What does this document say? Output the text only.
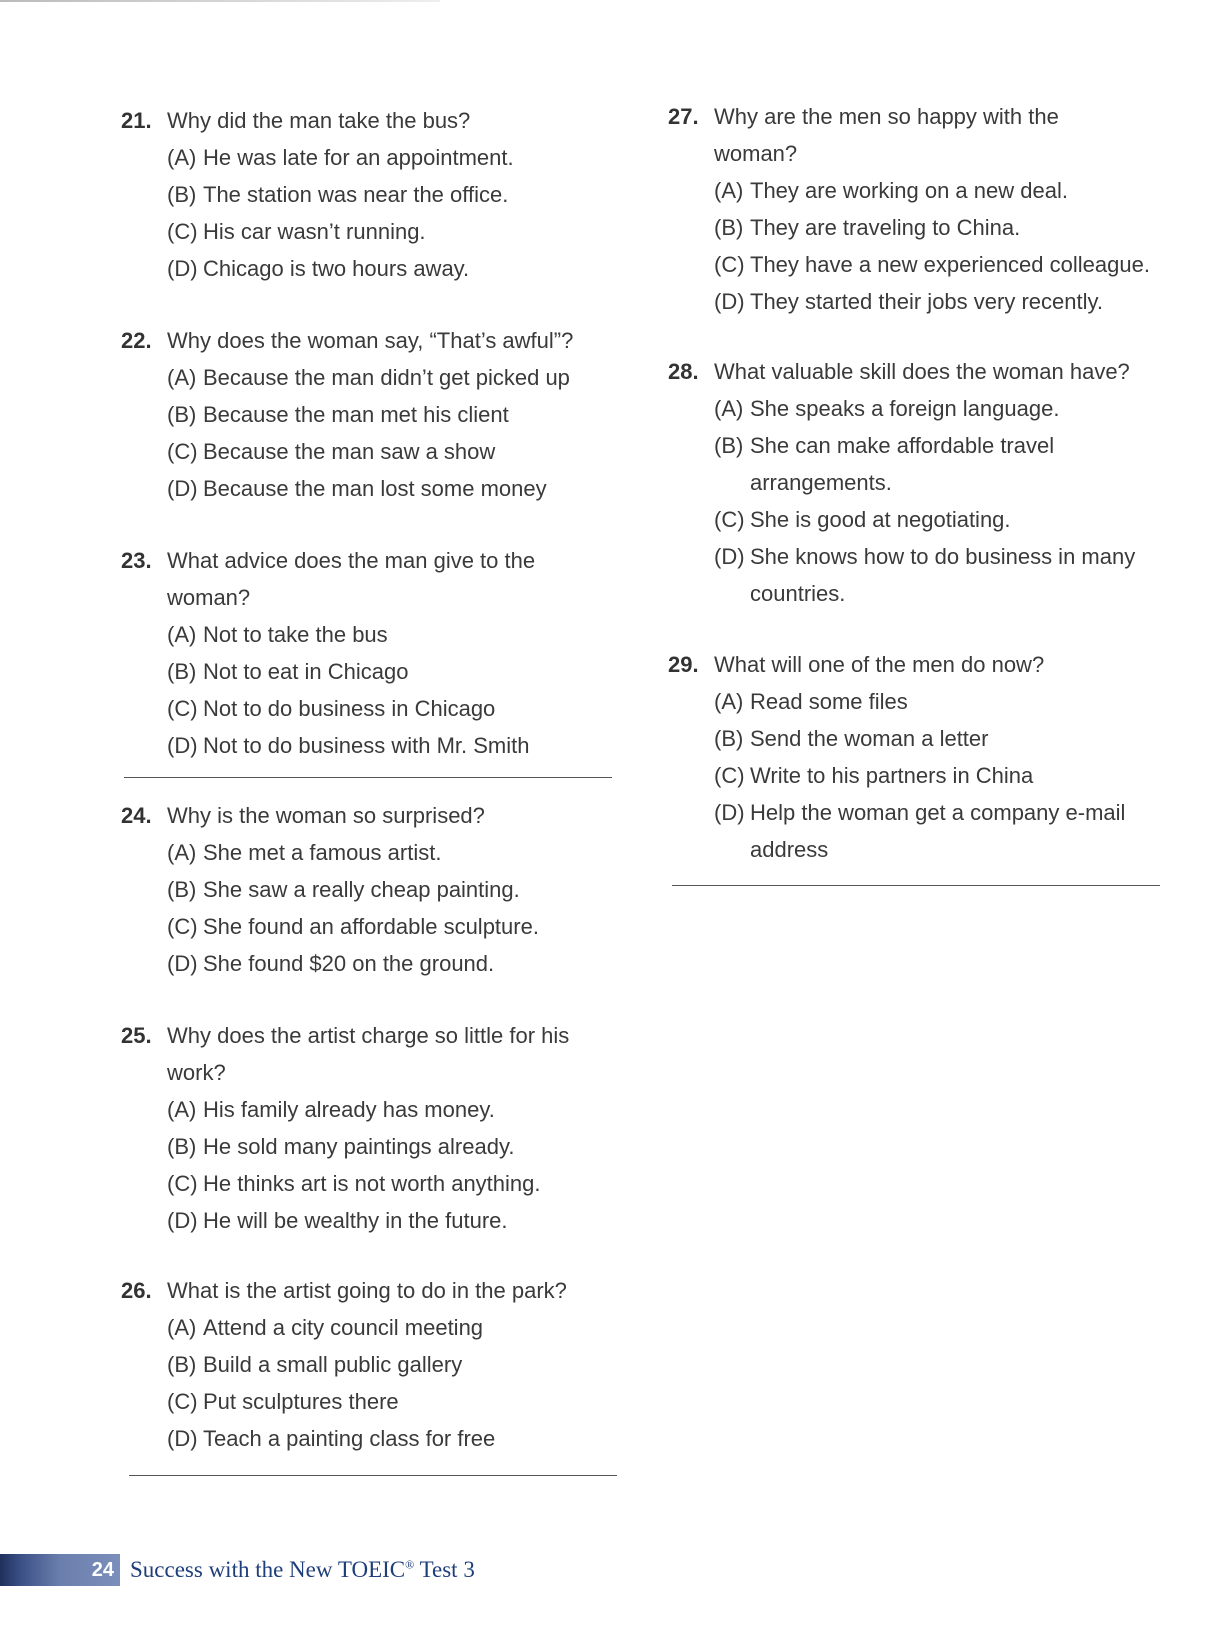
21. Why did the man take the bus?
(A) He was late for an appointment.
(B) The station was near the office.
(C) His car wasn’t running.
(D) Chicago is two hours away.
22. Why does the woman say, “That’s awful”?
(A) Because the man didn’t get picked up
(B) Because the man met his client
(C) Because the man saw a show
(D) Because the man lost some money
23. What advice does the man give to the woman?
(A) Not to take the bus
(B) Not to eat in Chicago
(C) Not to do business in Chicago
(D) Not to do business with Mr. Smith
24. Why is the woman so surprised?
(A) She met a famous artist.
(B) She saw a really cheap painting.
(C) She found an affordable sculpture.
(D) She found $20 on the ground.
25. Why does the artist charge so little for his work?
(A) His family already has money.
(B) He sold many paintings already.
(C) He thinks art is not worth anything.
(D) He will be wealthy in the future.
26. What is the artist going to do in the park?
(A) Attend a city council meeting
(B) Build a small public gallery
(C) Put sculptures there
(D) Teach a painting class for free
27. Why are the men so happy with the woman?
(A) They are working on a new deal.
(B) They are traveling to China.
(C) They have a new experienced colleague.
(D) They started their jobs very recently.
28. What valuable skill does the woman have?
(A) She speaks a foreign language.
(B) She can make affordable travel arrangements.
(C) She is good at negotiating.
(D) She knows how to do business in many countries.
29. What will one of the men do now?
(A) Read some files
(B) Send the woman a letter
(C) Write to his partners in China
(D) Help the woman get a company e-mail address
24 Success with the New TOEIC® Test 3
